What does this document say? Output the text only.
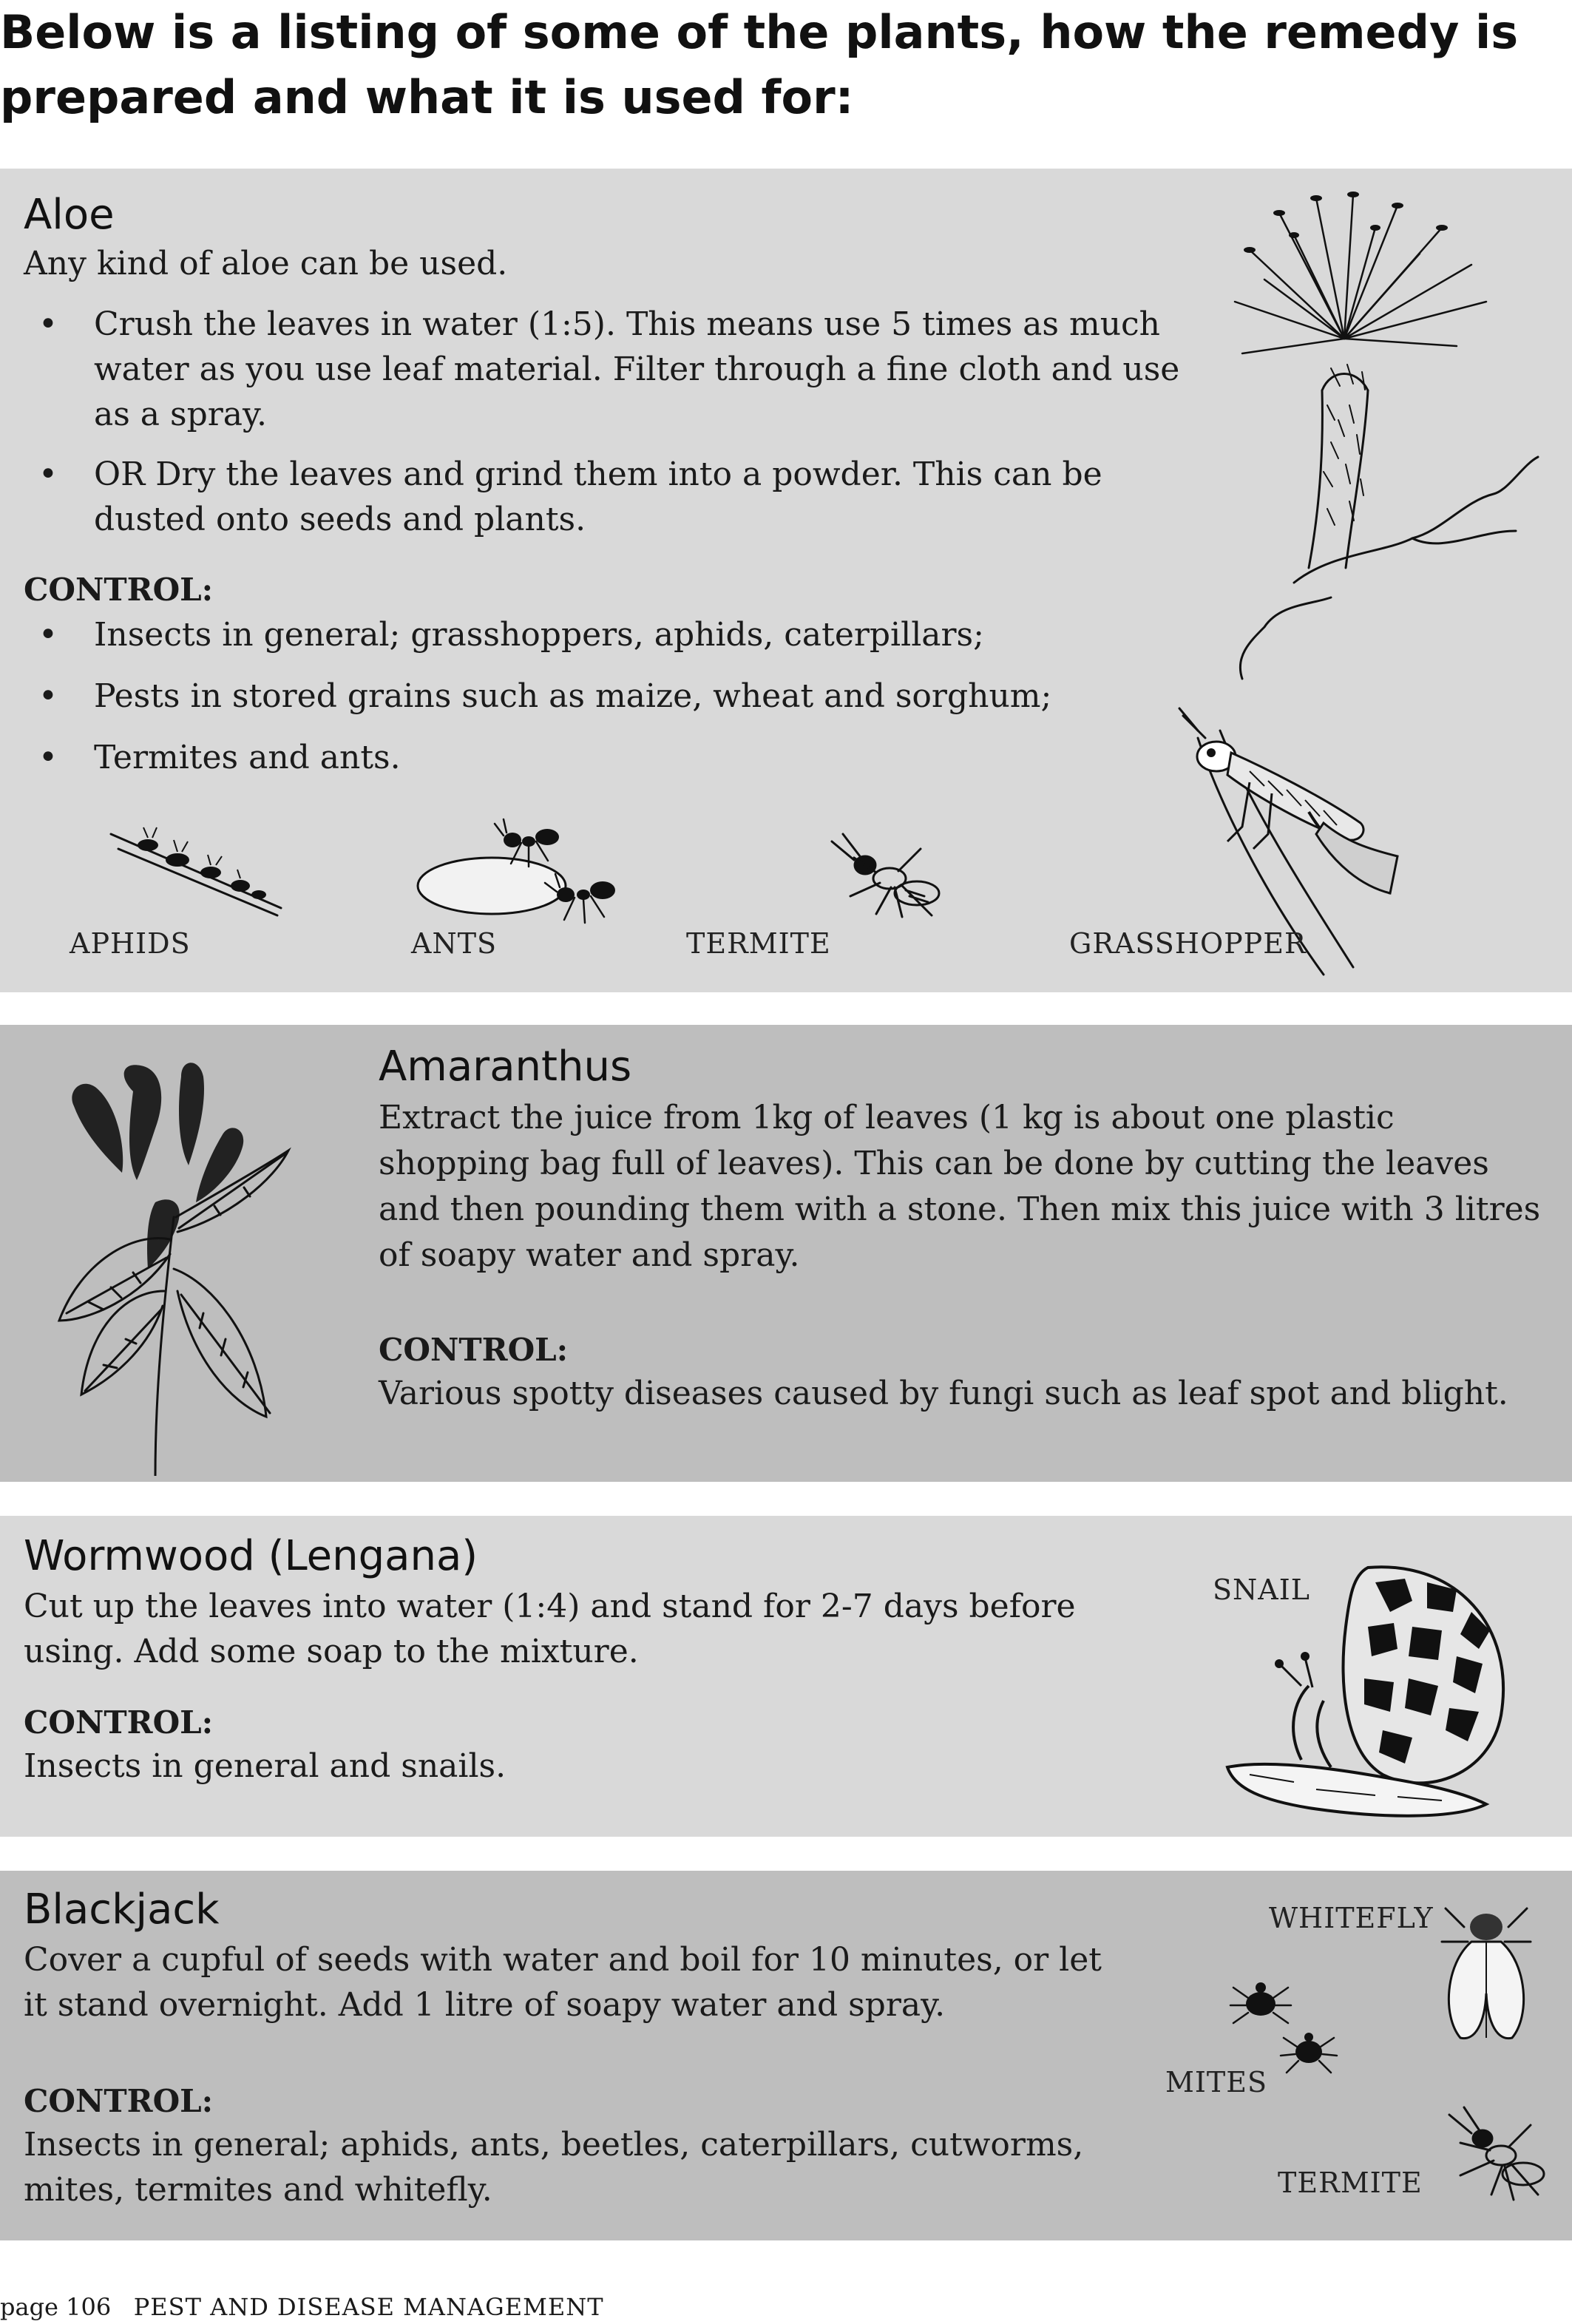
Below is a listing of some of the plants, how the remedy is prepared and what it is used for:
Aloe

Any kind of aloe can be used.

• Crush the leaves in water (1:5). This means use 5 times as much water as you use leaf material. Filter through a fine cloth and use as a spray.
• OR Dry the leaves and grind them into a powder. This can be dusted onto seeds and plants.

CONTROL:

• Insects in general; grasshoppers, aphids, caterpillars;
• Pests in stored grains such as maize, wheat and sorghum;
• Termites and ants.

APHIDS	ANTS	TERMITE	GRASSHOPPER

Amaranthus

Extract the juice from 1kg of leaves (1 kg is about one plastic shopping bag full of leaves). This can be done by cutting the leaves and then pounding them with a stone. Then mix this juice with 3 litres of soapy water and spray.

CONTROL:

Various spotty diseases caused by fungi such as leaf spot and blight.

Wormwood (Lengana)

Cut up the leaves into water (1:4) and stand for 2-7 days before using. Add some soap to the mixture.

CONTROL:

Insects in general and snails.

SNAIL

Blackjack

Cover a cupful of seeds with water and boil for 10 minutes, or let it stand overnight. Add 1 litre of soapy water and spray.

CONTROL:

Insects in general; aphids, ants, beetles, caterpillars, cutworms, mites, termites and whitefly.

WHITEFLY

MITES

TERMITE

page 106 PEST AND DISEASE MANAGEMENT
